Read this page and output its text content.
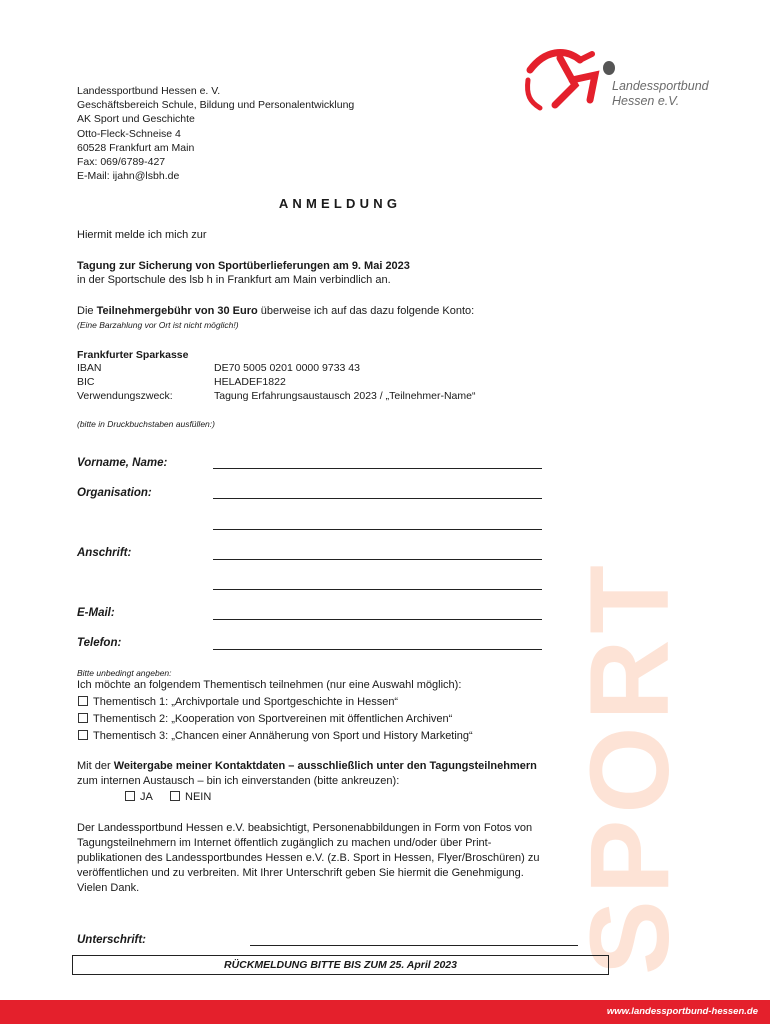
Landessportbund Hessen e. V.
Geschäftsbereich Schule, Bildung und Personalentwicklung
AK Sport und Geschichte
Otto-Fleck-Schneise 4
60528 Frankfurt am Main
Fax: 069/6789-427
E-Mail: ijahn@lsbh.de
Landessportbund
Hessen e.V.
SPORT
ANMELDUNG
Hiermit melde ich mich zur
Tagung zur Sicherung von Sportüberlieferungen am 9. Mai 2023
in der Sportschule des lsb h in Frankfurt am Main verbindlich an.
Die Teilnehmergebühr von 30 Euro überweise ich auf das dazu folgende Konto:
(Eine Barzahlung vor Ort ist nicht möglich!)
Frankfurter Sparkasse
IBAN	DE70 5005 0201 0000 9733 43
BIC	HELADEF1822
Verwendungszweck:	Tagung Erfahrungsaustausch 2023 / „Teilnehmer-Name“
(bitte in Druckbuchstaben ausfüllen:)
Vorname, Name:
Organisation:
Anschrift:
E-Mail:
Telefon:
Bitte unbedingt angeben:
Ich möchte an folgendem Thementisch teilnehmen (nur eine Auswahl möglich):
Thementisch 1: „Archivportale und Sportgeschichte in Hessen“
Thementisch 2: „Kooperation von Sportvereinen mit öffentlichen Archiven“
Thementisch 3: „Chancen einer Annäherung von Sport und History Marketing“
Mit der Weitergabe meiner Kontaktdaten – ausschließlich unter den Tagungsteilnehmern
zum internen Austausch – bin ich einverstanden (bitte ankreuzen):
JA	NEIN
Der Landessportbund Hessen e.V. beabsichtigt, Personenabbildungen in Form von Fotos von
Tagungsteilnehmern im Internet öffentlich zugänglich zu machen und/oder über Print-
publikationen des Landessportbundes Hessen e.V. (z.B. Sport in Hessen, Flyer/Broschüren) zu
veröffentlichen und zu verbreiten. Mit Ihrer Unterschrift geben Sie hiermit die Genehmigung.
Vielen Dank.
Unterschrift:
RÜCKMELDUNG BITTE BIS ZUM 25. April 2023
www.landessportbund-hessen.de
